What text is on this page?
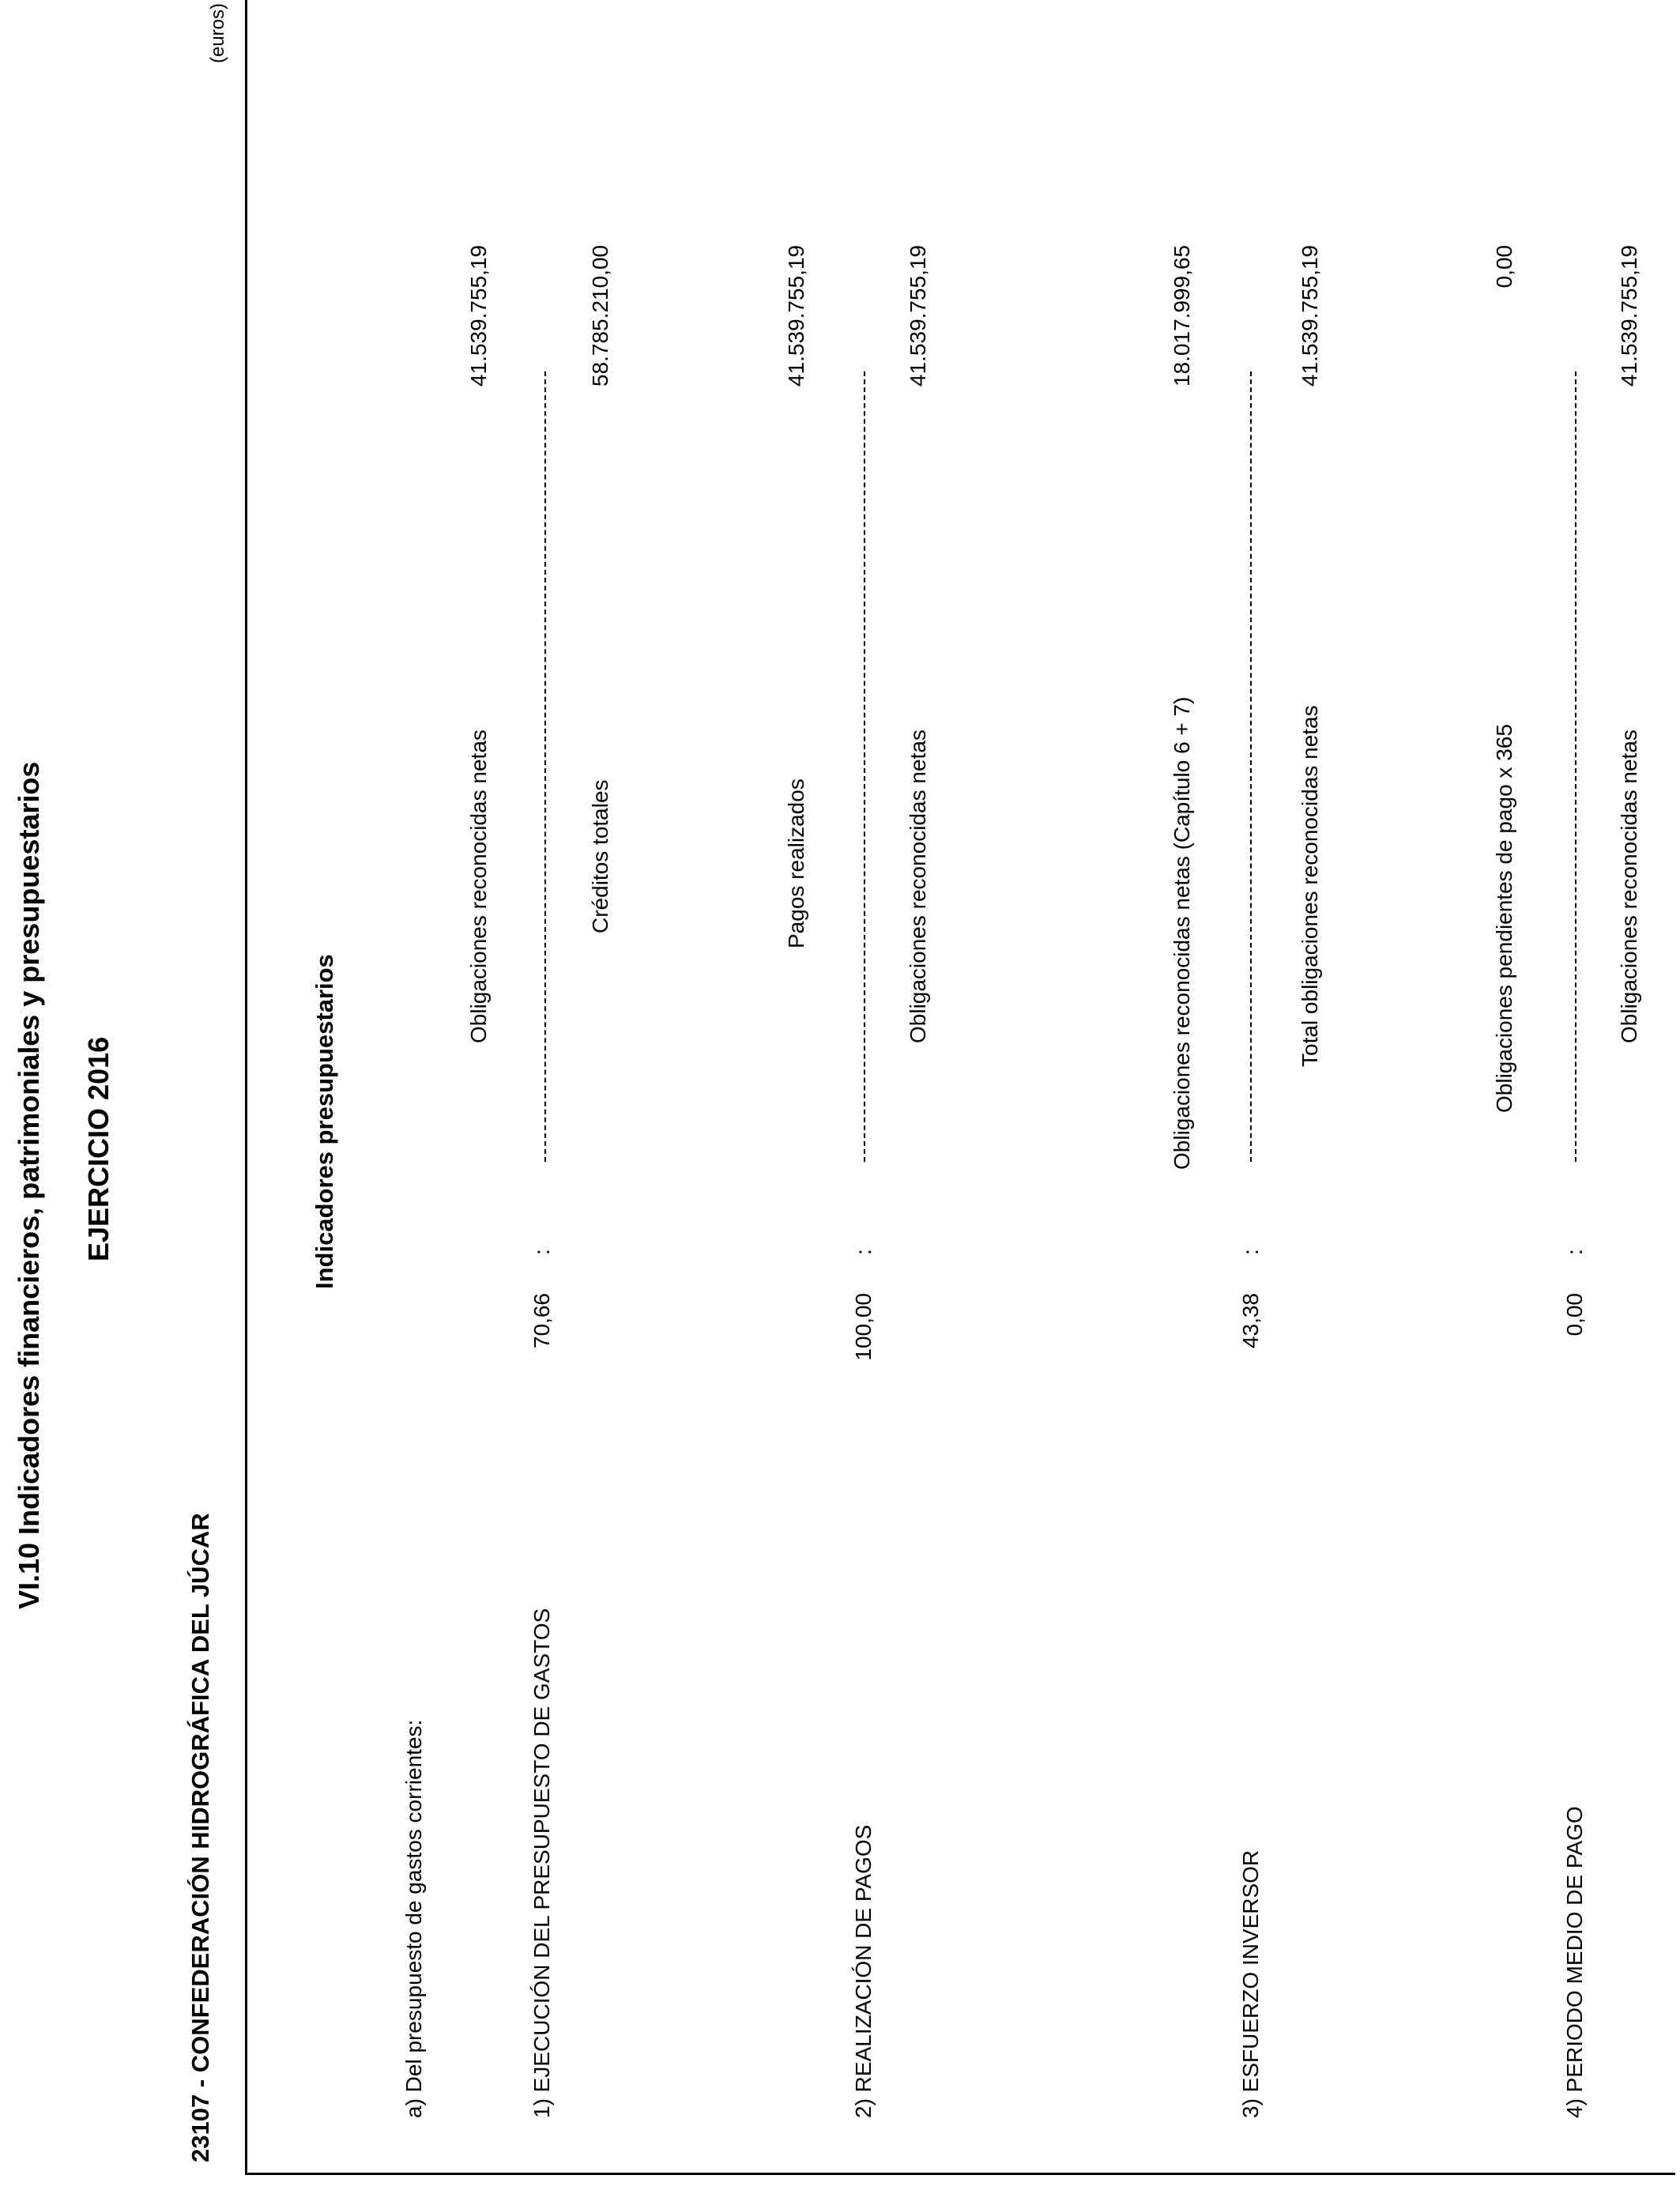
VI.10 Indicadores financieros, patrimoniales y presupuestarios EJERCICIO 2016
(euros)
23107 - CONFEDERACIÓN HIDROGRÁFICA DEL JÚCAR
Indicadores presupuestarios
a) Del presupuesto de gastos corrientes:	1) EJECUCIÓN DEL PRESUPUESTO DE GASTOS
70,66
:
Obligaciones reconocidas netas
41.539.755,19
Créditos totales
58.785.210,00
2) REALIZACIÓN DE PAGOS
100,00
:
Pagos realizados
41.539.755,19
Obligaciones reconocidas netas
41.539.755,19
3) ESFUERZO INVERSOR
43,38
:
Obligaciones reconocidas netas (Capítulo 6 + 7)
18.017.999,65
Total obligaciones reconocidas netas
41.539.755,19
4) PERIODO MEDIO DE PAGO
0,00
:
Obligaciones pendientes de pago x 365
0,00
Obligaciones reconocidas netas
41.539.755,19
